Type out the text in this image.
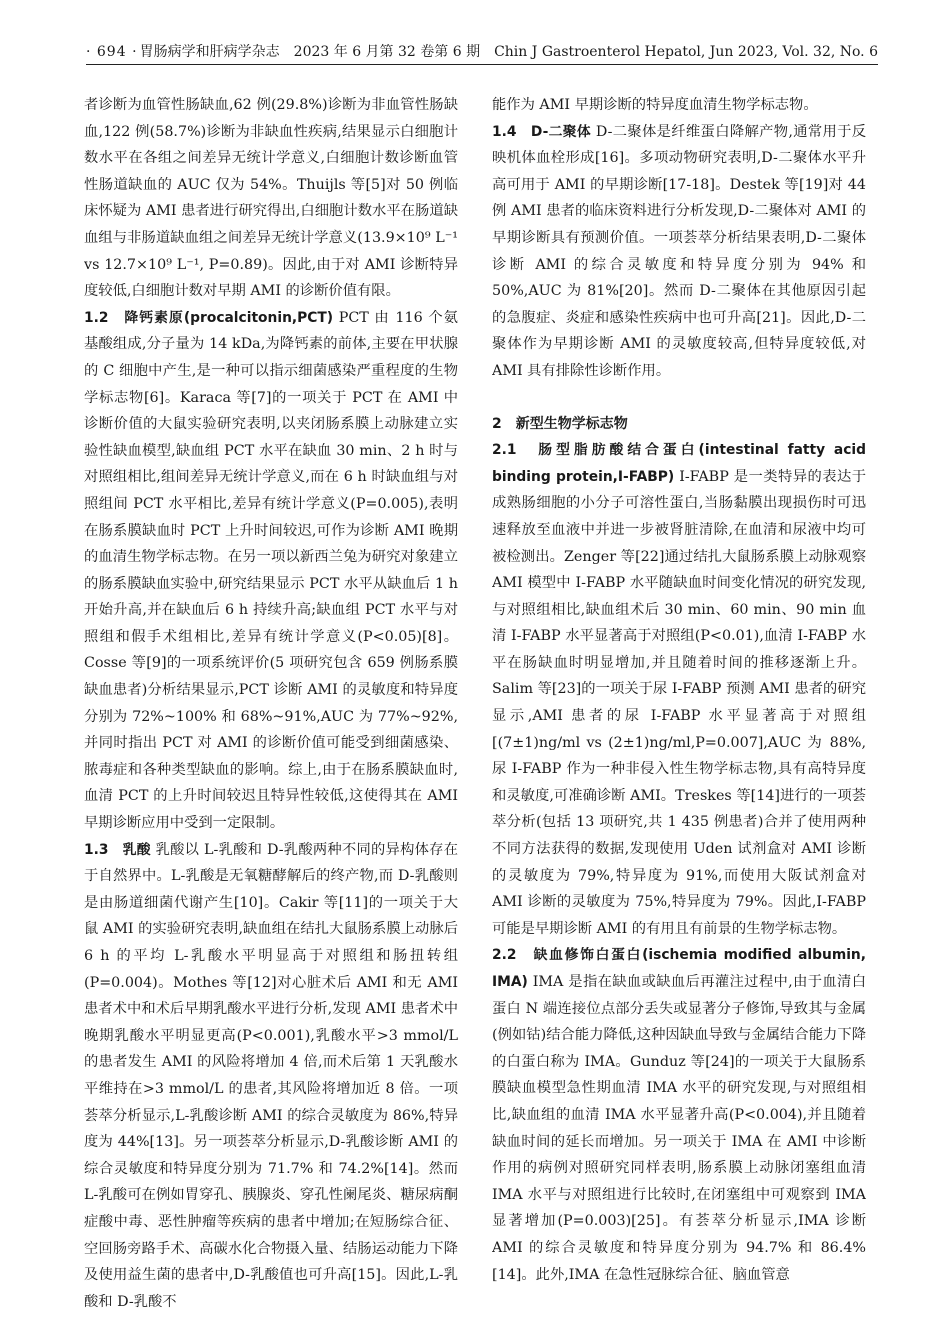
· 694 · 胃肠病学和肝病学杂志　2023 年 6 月第 32 卷第 6 期　Chin J Gastroenterol Hepatol, Jun 2023, Vol. 32, No. 6

者诊断为血管性肠缺血,62 例(29.8%)诊断为非血管性肠缺血,122 例(58.7%)诊断为非缺血性疾病,结果显示白细胞计数水平在各组之间差异无统计学意义,白细胞计数诊断血管性肠道缺血的 AUC 仅为 54%。Thuijls 等[5]对 50 例临床怀疑为 AMI 患者进行研究得出,白细胞计数水平在肠道缺血组与非肠道缺血组之间差异无统计学意义(13.9×10⁹ L⁻¹ vs 12.7×10⁹ L⁻¹, P=0.89)。因此,由于对 AMI 诊断特异度较低,白细胞计数对早期 AMI 的诊断价值有限。

1.2　降钙素原(procalcitonin,PCT) PCT 由 116 个氨基酸组成,分子量为 14 kDa,为降钙素的前体,主要在甲状腺的 C 细胞中产生,是一种可以指示细菌感染严重程度的生物学标志物[6]。Karaca 等[7]的一项关于 PCT 在 AMI 中诊断价值的大鼠实验研究表明,以夹闭肠系膜上动脉建立实验性缺血模型,缺血组 PCT 水平在缺血 30 min、2 h 时与对照组相比,组间差异无统计学意义,而在 6 h 时缺血组与对照组间 PCT 水平相比,差异有统计学意义(P=0.005),表明在肠系膜缺血时 PCT 上升时间较迟,可作为诊断 AMI 晚期的血清生物学标志物。在另一项以新西兰兔为研究对象建立的肠系膜缺血实验中,研究结果显示 PCT 水平从缺血后 1 h 开始升高,并在缺血后 6 h 持续升高;缺血组 PCT 水平与对照组和假手术组相比,差异有统计学意义(P<0.05)[8]。Cosse 等[9]的一项系统评价(5 项研究包含 659 例肠系膜缺血患者)分析结果显示,PCT 诊断 AMI 的灵敏度和特异度分别为 72%~100% 和 68%~91%,AUC 为 77%~92%,并同时指出 PCT 对 AMI 的诊断价值可能受到细菌感染、脓毒症和各种类型缺血的影响。综上,由于在肠系膜缺血时,血清 PCT 的上升时间较迟且特异性较低,这使得其在 AMI 早期诊断应用中受到一定限制。

1.3　乳酸 乳酸以 L-乳酸和 D-乳酸两种不同的异构体存在于自然界中。L-乳酸是无氧糖酵解后的终产物,而 D-乳酸则是由肠道细菌代谢产生[10]。Cakir 等[11]的一项关于大鼠 AMI 的实验研究表明,缺血组在结扎大鼠肠系膜上动脉后 6 h 的平均 L-乳酸水平明显高于对照组和肠扭转组(P=0.004)。Mothes 等[12]对心脏术后 AMI 和无 AMI 患者术中和术后早期乳酸水平进行分析,发现 AMI 患者术中晚期乳酸水平明显更高(P<0.001),乳酸水平>3 mmol/L 的患者发生 AMI 的风险将增加 4 倍,而术后第 1 天乳酸水平维持在>3 mmol/L 的患者,其风险将增加近 8 倍。一项荟萃分析显示,L-乳酸诊断 AMI 的综合灵敏度为 86%,特异度为 44%[13]。另一项荟萃分析显示,D-乳酸诊断 AMI 的综合灵敏度和特异度分别为 71.7% 和 74.2%[14]。然而 L-乳酸可在例如胃穿孔、胰腺炎、穿孔性阑尾炎、糖尿病酮症酸中毒、恶性肿瘤等疾病的患者中增加;在短肠综合征、空回肠旁路手术、高碳水化合物摄入量、结肠运动能力下降及使用益生菌的患者中,D-乳酸值也可升高[15]。因此,L-乳酸和 D-乳酸不

能作为 AMI 早期诊断的特异度血清生物学标志物。

1.4　D-二聚体 D-二聚体是纤维蛋白降解产物,通常用于反映机体血栓形成[16]。多项动物研究表明,D-二聚体水平升高可用于 AMI 的早期诊断[17-18]。Destek 等[19]对 44 例 AMI 患者的临床资料进行分析发现,D-二聚体对 AMI 的早期诊断具有预测价值。一项荟萃分析结果表明,D-二聚体诊断 AMI 的综合灵敏度和特异度分别为 94% 和 50%,AUC 为 81%[20]。然而 D-二聚体在其他原因引起的急腹症、炎症和感染性疾病中也可升高[21]。因此,D-二聚体作为早期诊断 AMI 的灵敏度较高,但特异度较低,对 AMI 具有排除性诊断作用。

2　新型生物学标志物

2.1　肠型脂肪酸结合蛋白(intestinal fatty acid binding protein,I-FABP) I-FABP 是一类特异的表达于成熟肠细胞的小分子可溶性蛋白,当肠黏膜出现损伤时可迅速释放至血液中并进一步被肾脏清除,在血清和尿液中均可被检测出。Zenger 等[22]通过结扎大鼠肠系膜上动脉观察 AMI 模型中 I-FABP 水平随缺血时间变化情况的研究发现,与对照组相比,缺血组术后 30 min、60 min、90 min 血清 I-FABP 水平显著高于对照组(P<0.01),血清 I-FABP 水平在肠缺血时明显增加,并且随着时间的推移逐渐上升。Salim 等[23]的一项关于尿 I-FABP 预测 AMI 患者的研究显示,AMI 患者的尿 I-FABP 水平显著高于对照组[(7±1)ng/ml vs (2±1)ng/ml,P=0.007],AUC 为 88%,尿 I-FABP 作为一种非侵入性生物学标志物,具有高特异度和灵敏度,可准确诊断 AMI。Treskes 等[14]进行的一项荟萃分析(包括 13 项研究,共 1 435 例患者)合并了使用两种不同方法获得的数据,发现使用 Uden 试剂盒对 AMI 诊断的灵敏度为 79%,特异度为 91%,而使用大阪试剂盒对 AMI 诊断的灵敏度为 75%,特异度为 79%。因此,I-FABP 可能是早期诊断 AMI 的有用且有前景的生物学标志物。

2.2　缺血修饰白蛋白(ischemia modified albumin, IMA) IMA 是指在缺血或缺血后再灌注过程中,由于血清白蛋白 N 端连接位点部分丢失或显著分子修饰,导致其与金属(例如钴)结合能力降低,这种因缺血导致与金属结合能力下降的白蛋白称为 IMA。Gunduz 等[24]的一项关于大鼠肠系膜缺血模型急性期血清 IMA 水平的研究发现,与对照组相比,缺血组的血清 IMA 水平显著升高(P<0.004),并且随着缺血时间的延长而增加。另一项关于 IMA 在 AMI 中诊断作用的病例对照研究同样表明,肠系膜上动脉闭塞组血清 IMA 水平与对照组进行比较时,在闭塞组中可观察到 IMA 显著增加(P=0.003)[25]。有荟萃分析显示,IMA 诊断 AMI 的综合灵敏度和特异度分别为 94.7% 和 86.4%[14]。此外,IMA 在急性冠脉综合征、脑血管意
